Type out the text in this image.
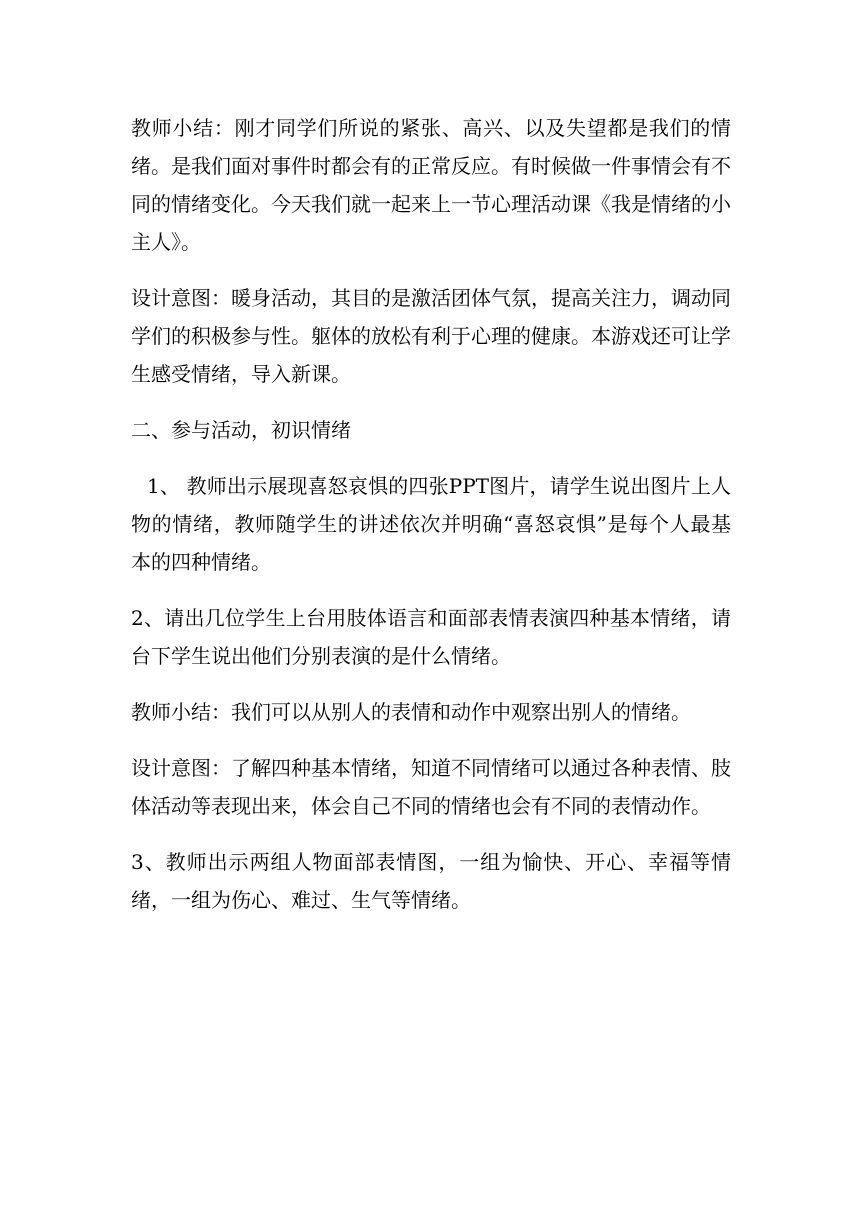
教师小结：刚才同学们所说的紧张、高兴、以及失望都是我们的情绪。是我们面对事件时都会有的正常反应。有时候做一件事情会有不同的情绪变化。今天我们就一起来上一节心理活动课《我是情绪的小主人》。

设计意图：暖身活动，其目的是激活团体气氛，提高关注力，调动同学们的积极参与性。躯体的放松有利于心理的健康。本游戏还可让学生感受情绪，导入新课。

二、参与活动，初识情绪

1、 教师出示展现喜怒哀惧的四张PPT图片，请学生说出图片上人物的情绪，教师随学生的讲述依次并明确“喜怒哀惧”是每个人最基本的四种情绪。

2、请出几位学生上台用肢体语言和面部表情表演四种基本情绪，请台下学生说出他们分别表演的是什么情绪。

教师小结：我们可以从别人的表情和动作中观察出别人的情绪。

设计意图：了解四种基本情绪，知道不同情绪可以通过各种表情、肢体活动等表现出来，体会自己不同的情绪也会有不同的表情动作。

3、教师出示两组人物面部表情图，一组为愉快、开心、幸福等情绪，一组为伤心、难过、生气等情绪。
